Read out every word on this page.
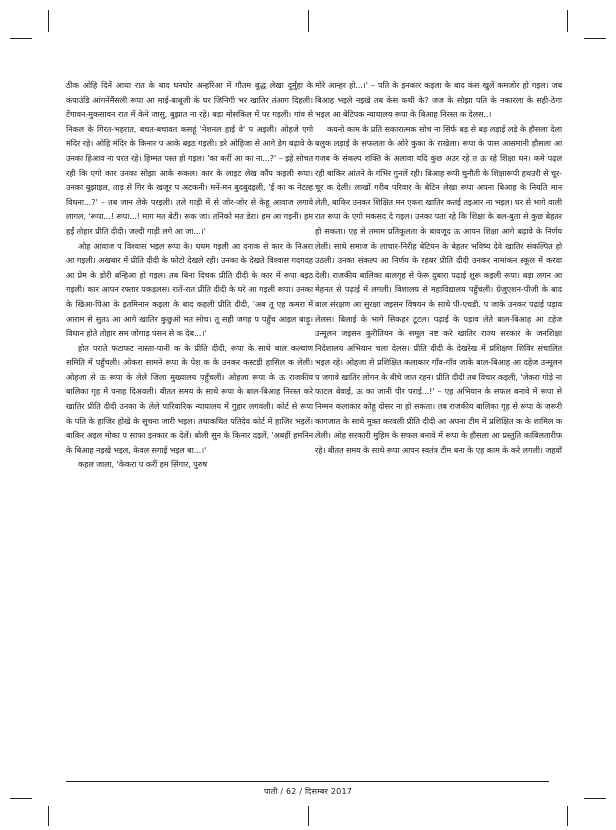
ठीक ओहि दिनें आधा रात के बाद घनघोर अन्हरिआ में गौतम बुद्ध लेखा दुर्मुंहा के कंपाउंडि आंगनेंमैंसली रूपा आ माई-बाबूजी के घर जिनिगी भर खातिर तंआग दिहली। टेंगावन-मुकसावन रात में केने जासु, बुझात ना रहे। बड़ा मोसकिल में पर गइली। गांव से निकल के गिरत-भहरात, बचत-बचावत कसहूं 'नेशनल हाई वे' प अइली। ओहजे एगो मंदिर रहे। ओहि मंदिर के किनार प आके बइठ गइली। डरे ओहिजा से आगे डेग बढ़ावे के उनका हिआव ना परत रहे। हिम्मत पस्त हो गइल। 'का करीं आ का ना...?' – इहे सोचत रही कि एगो कार उनका सोझा आके रूकल। कार के लाइट लेख कौंप कइली रूपा। उनका बुझाइल, ताड़ से गिर के खजूर प अटकनी। मनें-मन बुदबुदइली, 'ईं का क नेटल्ह विधना...?' – तब जान लेके परइली। तले गाड़ी में से जोर-जोर से केहू आवाज लगावे लागल, 'रूपा...! रूपा...! माग मत बेटी। रूक जा। तनिको मत डेरा। हम आ गइनी। हम हईं तोहार प्रीति दीदी। जल्दी गाड़ी लगे आ जा...।'

ओह आवाज प विश्वास भइल रूपा के। धधम गइली आ दनाक से कार के निअरा आ गइली। अखबार में प्रीति दीदी के फोटो देखले रही। उनका के देखते विश्वास गदगदह आ प्रेम के डोरी बन्हिआ हो गइल। तब बिना दिचक प्रीति दीदी के कार में रूपा बइठ गइली। कार आपन रफ्तार पकड़लस। रातें-रात प्रीति दीदी के घरे आ गइली रूपा। उनका के खिआ-पिआ के इतमिनान कइला के बाद कहली प्रीति दीदी, 'अब तू एह कमरा में आराम से सुतऽ आ आगे खातिर कुछुओ मत सोच। तू सही जगह प पहुँच आइल बाड़ू। विधान होते तोहार सम जोगाड़ पसन से क देब...।'

होत पराते फटाफट नास्ता-पानी क के प्रीति दीदी, रूपा के साथे बाल कल्याण समिति में पहुँचली। ओकरा सामने रूपा के पेश क के उनकर कस्टडी हासिल क लेली। ओहजा से ऊ रूपा के लेले जिला मुख्यालय पहुँचली। ओहजा रूपा के ऊ राजकीय बालिका गृह में पनाह दिअवली। बीतत समय के साथे रूपा के बाल-बिआह निरस्त करे खातिर प्रीति दीदी उनका के लेले पारिवारिक न्यायालय में गुहार लगवली। कोर्ट से रूपा के पति के हाजिर होखे के सूचना जारी भइल। तथाकथित पतिदेव कोर्ट में हाजिर भइलें। बाकिर अइल मोका प साफा इनकार क देलें। बोली सुन के किनार दइलें, 'अबहीं हमनिन के बिआह नइखे भइल, केवल सगाई भइल बा...।'

कहल जाला, 'केकरा प करीं हम सिंगार, पुरुष

मोरे आन्हर हो...।' – पति के इनकार कइला के बाद कंस खुलें कमजोर हो गइल। जब बिआह भइले नइखे तब केस कथी के? जज के सोझा पति के नकारला के सही-ठेगा भइल आ बेटिपक न्यायालय रूपा के बिआह निरस्त क देलस..।

कयनो काम के प्रति सकारात्मक सोच ना सिर्फ बड़ से बड़ लड़ाई लड़े के हौसला देला बलुक लड़ाई के सफलता के ओरे कुका के राखेला। रूपा के पास आसमानी हौसला आ गजब के संकल्प शक्ति के अलावा यदि कुछ अउर रहे त ऊ रहे शिक्षा धन। कमे पढ़ल रही बाकिर आंतने के गंभिर गुनलें रही। बिआह रूपी चुनौती के शिक्षारूपी हथउरी से चूर-चूर क देली। लाखों गरीब परिवार के बेटिन लेखा रूपा अपना बिआह के नियति मान लेती, बाकिर उनकर शिक्षित मन एकरा खातिर कतई तइआर ना भइल। घर से भागे वाली रात रूपा के एगो मकसद दे गइल। उनका पता रहे कि शिक्षा के बल-बुता से कुछ बेहतर हो सकता। एह से तमाम प्रतिकूलता के बावजूद ऊ आपन शिक्षा आगे बढ़ावे के निर्णय लेली। साथे समाज के लाचार-निरीह बेटियन के बेहतर भविष्य देवे खातिर संकल्पित हो उठली। उनका संकल्प आ निर्णय के रहबर प्रीति दीदी उनकर नामांकन स्कूल में करवा देली। राजकीय बालिका बालगृह से फेरू दुबारा पढ़ाई शुरू कइली रूपा। बड़ा लगन आ मेहनत से पढ़ाई में लगली। विशालय से महाविद्यालय पहुँचली। ग्रेजुएशन-पीजी के बाद बाल संरक्षण आ सुरक्षा जइसन विषयन के साथे पी-एचडी. प जाके उनकर पढ़ाई पड़ाव लेलस। बिलाई के भागे सिकहर टूटल। पढ़ाई के पड़ाव लेते बाल-बिआह आ टहेज उन्मूलन जइसन कुरीतियन के समूल नष्ट करे खातिर राज्य सरकार के जनशिक्षा निदेशालय अभियान चला देलस। प्रीति दीदी के देखरेख में प्रशिक्षण शिविर संचालित भइल रहे। ओहजा से प्रशिक्षित कलाकार गाँव-गाँव जाके बाल-बिआह आ दहेज उन्मूलन प जगावे खातिर लोगन के बीचे जात रहन। प्रीति दीदी तब विचार कइली, 'जेकरा गोड़े ना फाटल बेवाई, ऊ का जानी पीर पराई...!' – एह अभियान के सफल बनावे में रूपा से निम्मन कलाकार कोहू दोसर ना हो सकता। तब राजकीय बालिका गृह से रूपा के जरूरी कागजात के साथे मुक्त करवली प्रीति दीदी आ अपना टीम में प्रशिक्षित क के शामिल क लेली। ओह सरकारी मुहिम के सफल बनावे में रूपा के हौसला आ प्रस्तुति काबिलतारीफ रहे। बीतत समय के साथे रूपा आपन स्वतंत्र टीम बना के एह काम के करे लगली। जहवाँ

पाती / 62 / दिसम्बर 2017
